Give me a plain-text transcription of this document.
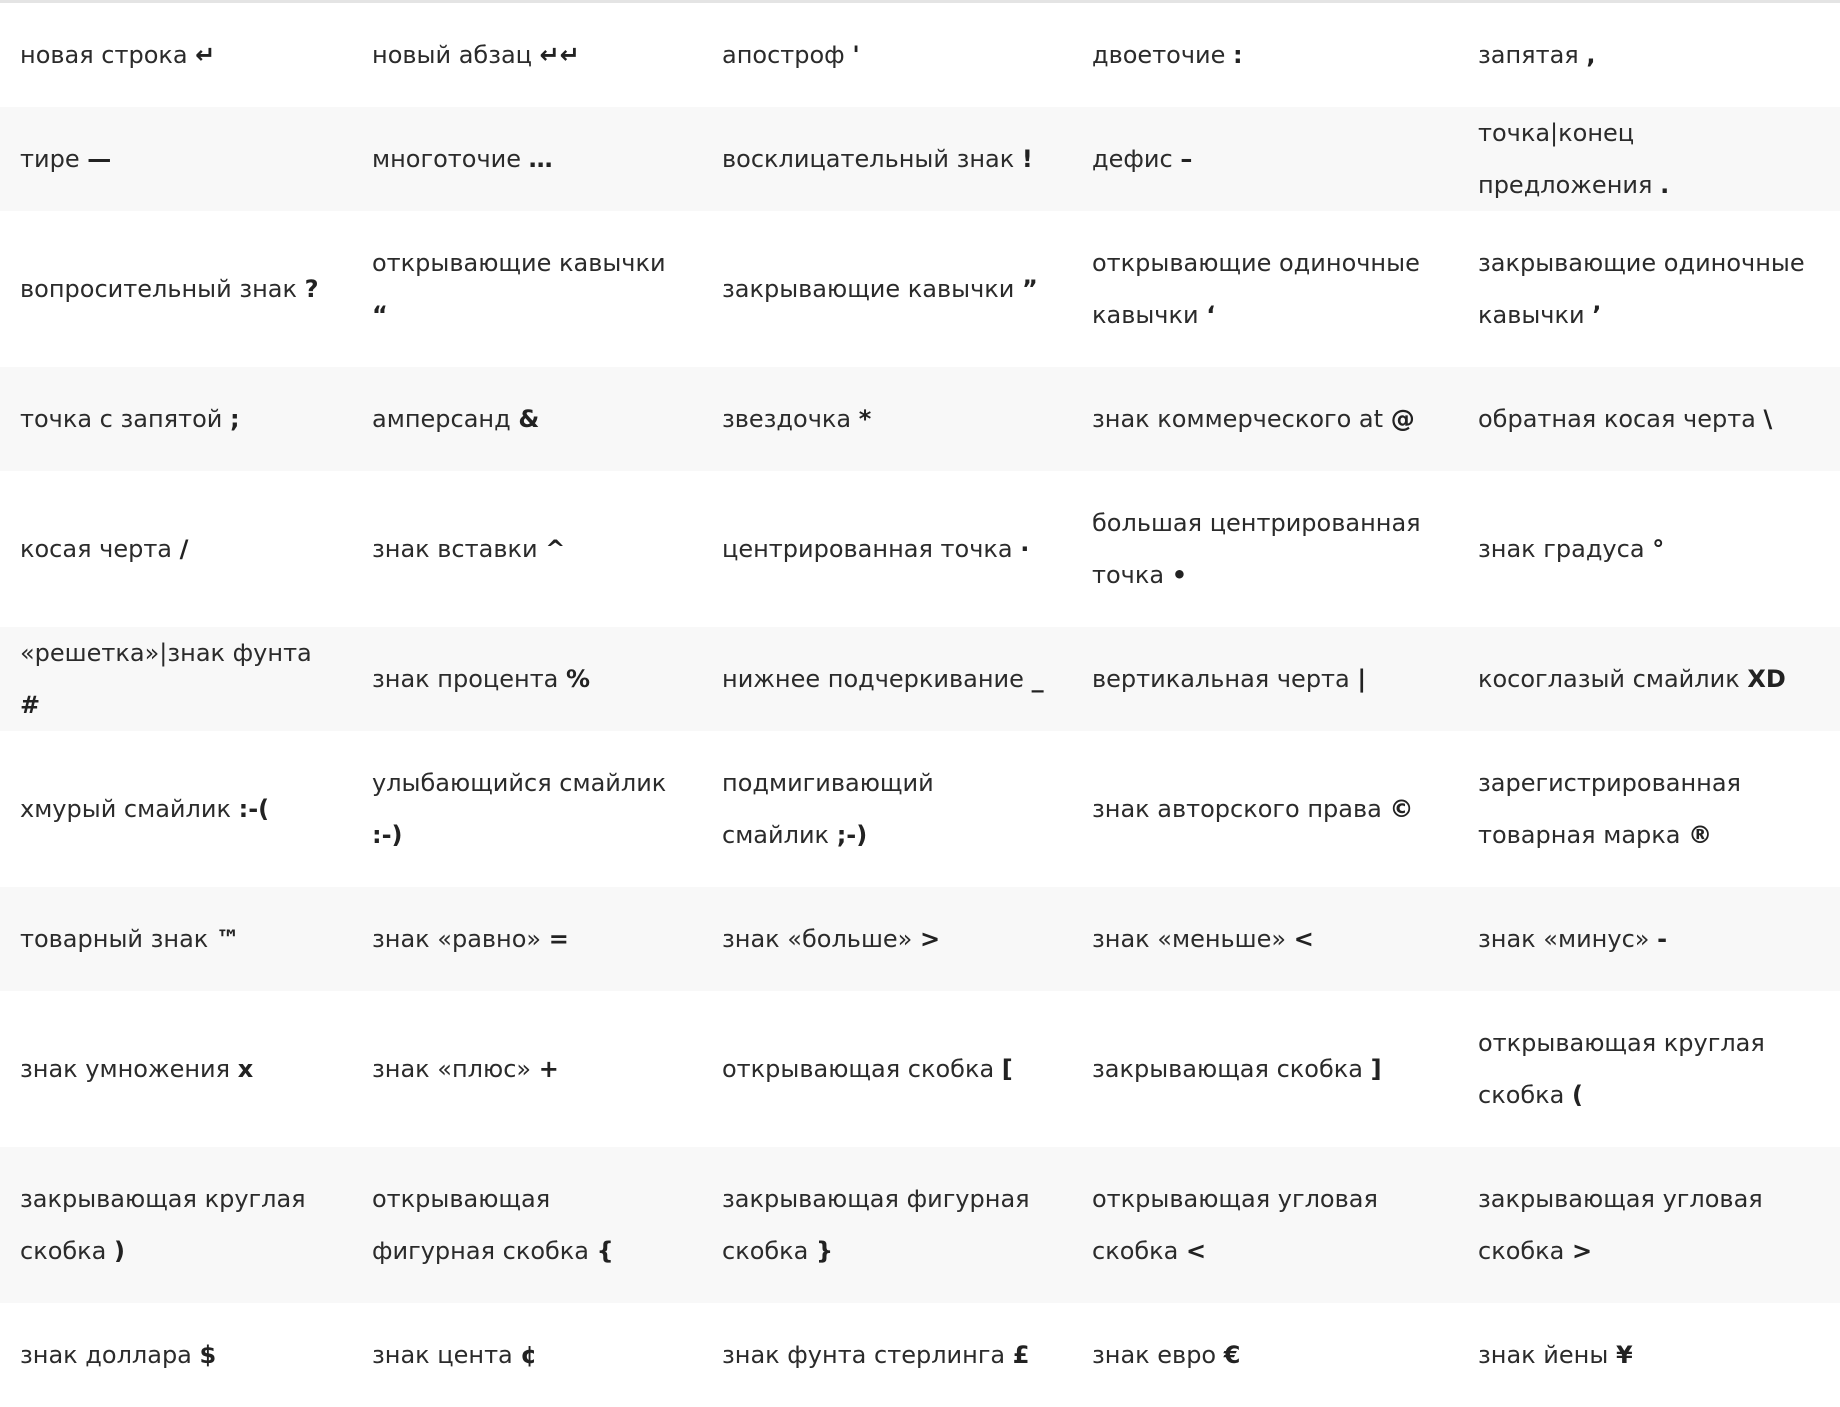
новая строка ↵	новый абзац ↵↵	апостроф '	двоеточие :	запятая ,

тире —	многоточие …	восклицательный знак !	дефис –	точка|конец предложения .

вопросительный знак ?	открывающие кавычки “	закрывающие кавычки ”	открывающие одиночные кавычки ‘	закрывающие одиночные кавычки ’

точка с запятой ;	амперсанд &	звездочка *	знак коммерческого at @	обратная косая черта \

косая черта /	знак вставки ^	центрированная точка ·	большая центрированная точка •	знак градуса °

«решетка»|знак фунта #	знак процента %	нижнее подчеркивание _	вертикальная черта |	косоглазый смайлик XD

хмурый смайлик :-(	улыбающийся смайлик :-)	подмигивающий смайлик ;-)	знак авторского права ©	зарегистрированная товарная марка ®

товарный знак ™	знак «равно» =	знак «больше» >	знак «меньше» <	знак «минус» -

знак умножения x	знак «плюс» +	открывающая скобка [	закрывающая скобка ]	открывающая круглая скобка (

закрывающая круглая скобка )	открывающая фигурная скобка {	закрывающая фигурная скобка }	открывающая угловая скобка <	закрывающая угловая скобка >

знак доллара $	знак цента ¢	знак фунта стерлинга £	знак евро €	знак йены ¥
